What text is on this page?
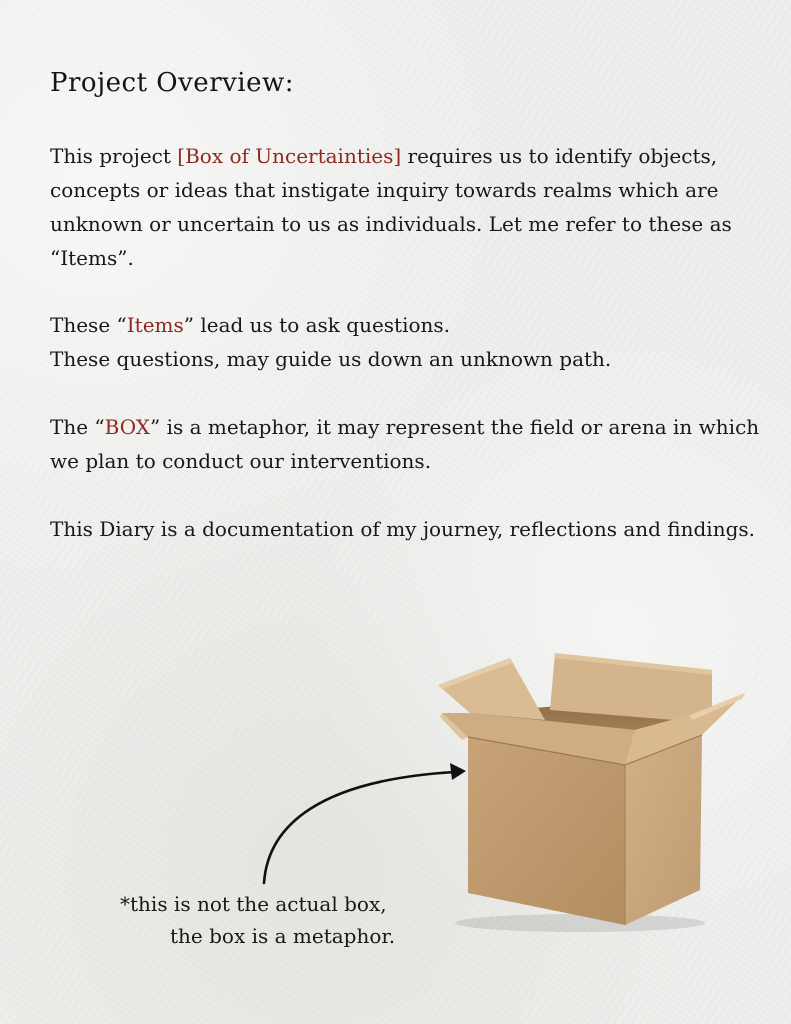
Project Overview:

This project [Box of Uncertainties] requires us to identify objects, concepts or ideas that instigate inquiry towards realms which are unknown or uncertain to us as individuals. Let me refer to these as “Items”.

These “Items” lead us to ask questions.
These questions, may guide us down an unknown path.

The “BOX” is a metaphor, it may represent the field or arena in which we plan to conduct our interventions.

This Diary is a documentation of my journey, reflections and findings.

*this is not the actual box,
the box is a metaphor.
